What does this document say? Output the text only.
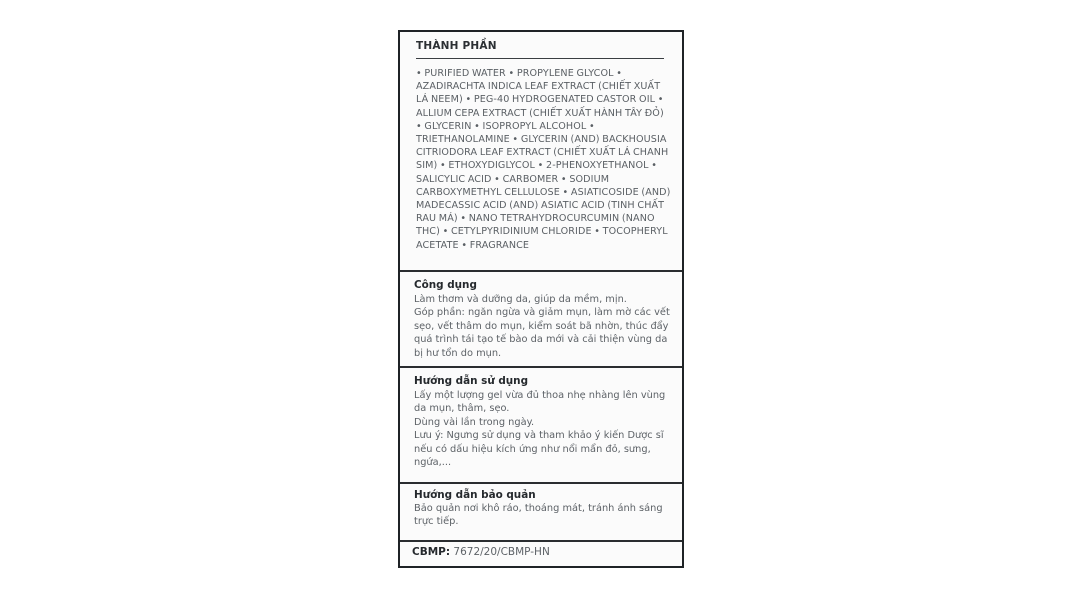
THÀNH PHẦN
• PURIFIED WATER • PROPYLENE GLYCOL • AZADIRACHTA INDICA LEAF EXTRACT (CHIẾT XUẤT LÁ NEEM) • PEG-40 HYDROGENATED CASTOR OIL • ALLIUM CEPA EXTRACT (CHIẾT XUẤT HÀNH TÂY ĐỎ) • GLYCERIN • ISOPROPYL ALCOHOL • TRIETHANOLAMINE • GLYCERIN (AND) BACKHOUSIA CITRIODORA LEAF EXTRACT (CHIẾT XUẤT LÁ CHANH SIM) • ETHOXYDIGLYCOL • 2-PHENOXYETHANOL • SALICYLIC ACID • CARBOMER • SODIUM CARBOXYMETHYL CELLULOSE • ASIATICOSIDE (AND) MADECASSIC ACID (AND) ASIATIC ACID (TINH CHẤT RAU MÁ) • NANO TETRAHYDROCURCUMIN (NANO THC) • CETYLPYRIDINIUM CHLORIDE • TOCOPHERYL ACETATE • FRAGRANCE
Công dụng

Làm thơm và dưỡng da, giúp da mềm, mịn.

Góp phần: ngăn ngừa và giảm mụn, làm mờ các vết sẹo, vết thâm do mụn, kiểm soát bã nhờn, thúc đẩy quá trình tái tạo tế bào da mới và cải thiện vùng da bị hư tổn do mụn.

Hướng dẫn sử dụng

Lấy một lượng gel vừa đủ thoa nhẹ nhàng lên vùng da mụn, thâm, sẹo.

Dùng vài lần trong ngày.

Lưu ý: Ngưng sử dụng và tham khảo ý kiến Dược sĩ nếu có dấu hiệu kích ứng như nổi mẩn đỏ, sưng, ngứa,...

Hướng dẫn bảo quản
Bảo quản nơi khô ráo, thoáng mát, tránh ánh sáng trực tiếp.
CBMP: 7672/20/CBMP-HN
